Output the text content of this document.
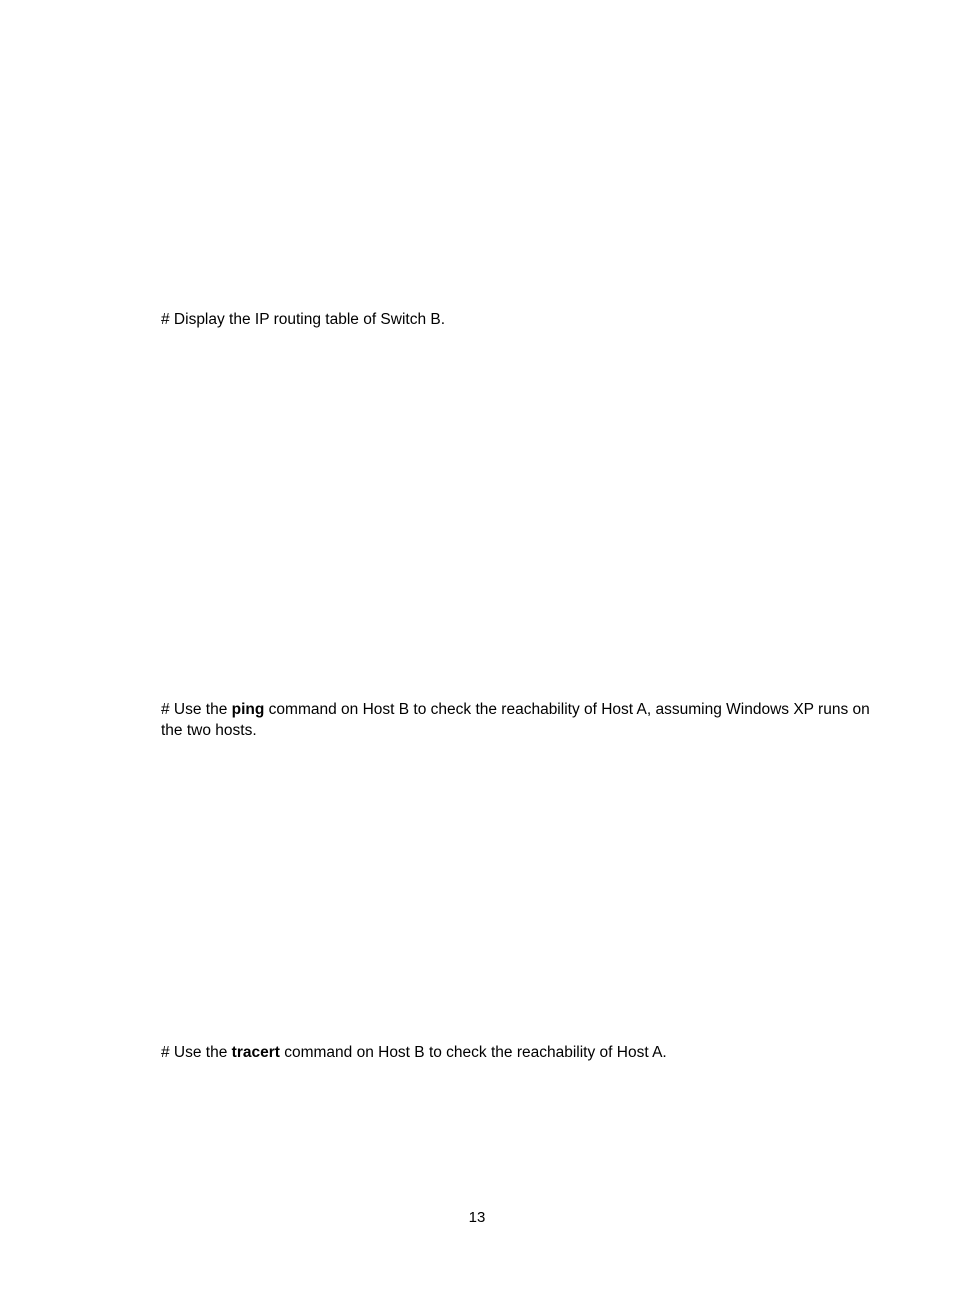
# Display the IP routing table of Switch B.

# Use the ping command on Host B to check the reachability of Host A, assuming Windows XP runs on the two hosts.

# Use the tracert command on Host B to check the reachability of Host A.

13
